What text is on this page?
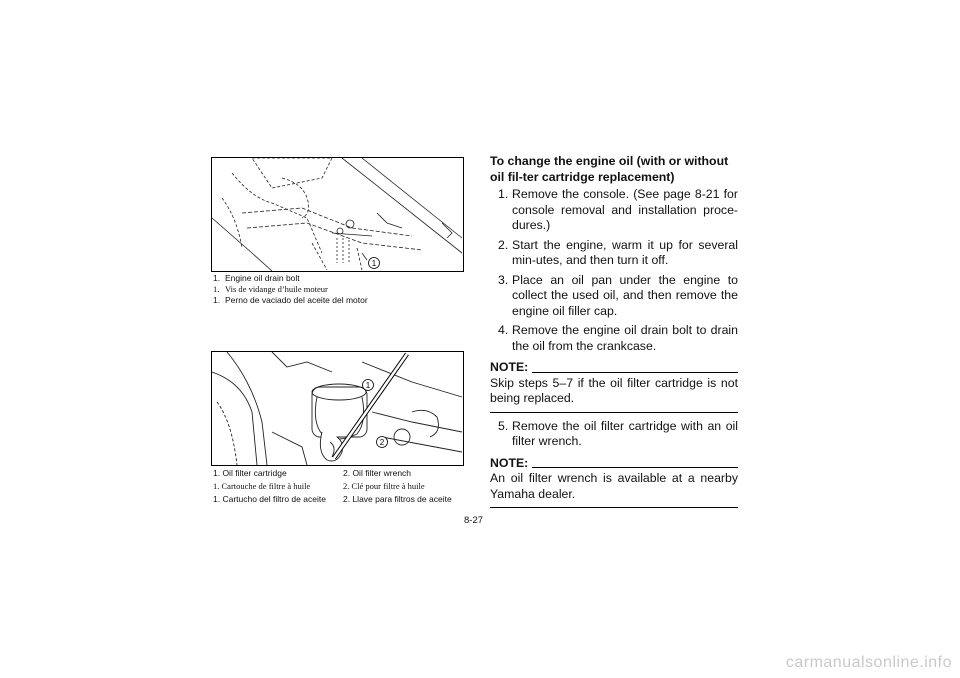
1
1. Engine oil drain bolt
1. Vis de vidange d’huile moteur
1. Perno de vaciado del aceite del motor
1
2
1. Oil filter cartridge	2. Oil filter wrench
1. Cartouche de filtre à huile	2. Clé pour filtre à huile
1. Cartucho del filtro de aceite 2. Llave para filtros de aceite
To change the engine oil (with or without oil fil-ter cartridge replacement)
1. Remove the console. (See page 8-21 for console removal and installation proce-dures.)
2. Start the engine, warm it up for several min-utes, and then turn it off.
3. Place an oil pan under the engine to collect the used oil, and then remove the engine oil filler cap.
4. Remove the engine oil drain bolt to drain the oil from the crankcase.
NOTE:
Skip steps 5–7 if the oil filter cartridge is not being replaced.
5. Remove the oil filter cartridge with an oil filter wrench.
NOTE:
An oil filter wrench is available at a nearby Yamaha dealer.
8-27
carmanualsonline.info
